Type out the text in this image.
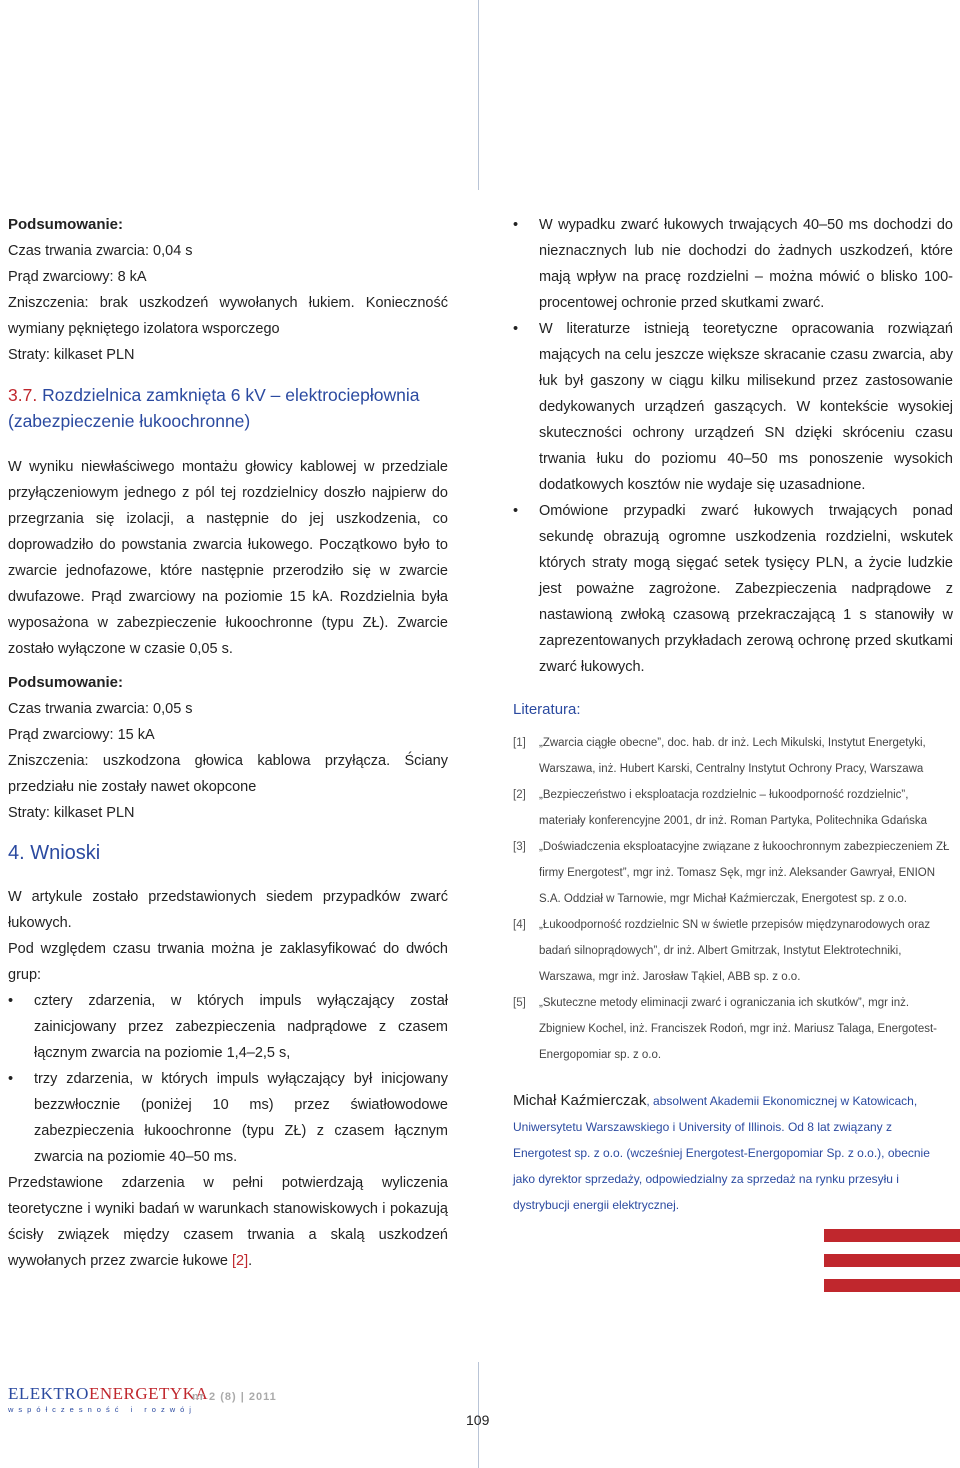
Podsumowanie:

Czas trwania zwarcia: 0,04 s

Prąd zwarciowy: 8 kA

Zniszczenia: brak uszkodzeń wywołanych łukiem. Konieczność wymiany pękniętego izolatora wsporczego

Straty: kilkaset PLN

3.7. Rozdzielnica zamknięta 6 kV – elektrociepłownia (zabezpieczenie łukoochronne)

W wyniku niewłaściwego montażu głowicy kablowej w przedziale przyłączeniowym jednego z pól tej rozdzielnicy doszło najpierw do przegrzania się izolacji, a następnie do jej uszkodzenia, co doprowadziło do powstania zwarcia łukowego. Początkowo było to zwarcie jednofazowe, które następnie przerodziło się w zwarcie dwufazowe. Prąd zwarciowy na poziomie 15 kA. Rozdzielnia była wyposażona w zabezpieczenie łukoochronne (typu ZŁ). Zwarcie zostało wyłączone w czasie 0,05 s.

Podsumowanie:

Czas trwania zwarcia: 0,05 s

Prąd zwarciowy: 15 kA

Zniszczenia: uszkodzona głowica kablowa przyłącza. Ściany przedziału nie zostały nawet okopcone

Straty: kilkaset PLN

4. Wnioski

W artykule zostało przedstawionych siedem przypadków zwarć łukowych.

Pod względem czasu trwania można je zaklasyfikować do dwóch grup:

• cztery zdarzenia, w których impuls wyłączający został zainicjowany przez zabezpieczenia nadprądowe z czasem łącznym zwarcia na poziomie 1,4–2,5 s,
• trzy zdarzenia, w których impuls wyłączający był inicjowany bezzwłocznie (poniżej 10 ms) przez światłowodowe zabezpieczenia łukoochronne (typu ZŁ) z czasem łącznym zwarcia na poziomie 40–50 ms.

Przedstawione zdarzenia w pełni potwierdzają wyliczenia teoretyczne i wyniki badań w warunkach stanowiskowych i pokazują ścisły związek między czasem trwania a skalą uszkodzeń wywołanych przez zwarcie łukowe [2].

• W wypadku zwarć łukowych trwających 40–50 ms dochodzi do nieznacznych lub nie dochodzi do żadnych uszkodzeń, które mają wpływ na pracę rozdzielni – można mówić o blisko 100-procentowej ochronie przed skutkami zwarć.
• W literaturze istnieją teoretyczne opracowania rozwiązań mających na celu jeszcze większe skracanie czasu zwarcia, aby łuk był gaszony w ciągu kilku milisekund przez zastosowanie dedykowanych urządzeń gaszących. W kontekście wysokiej skuteczności ochrony urządzeń SN dzięki skróceniu czasu trwania łuku do poziomu 40–50 ms ponoszenie wysokich dodatkowych kosztów nie wydaje się uzasadnione.
• Omówione przypadki zwarć łukowych trwających ponad sekundę obrazują ogromne uszkodzenia rozdzielni, wskutek których straty mogą sięgać setek tysięcy PLN, a życie ludzkie jest poważne zagrożone. Zabezpieczenia nadprądowe z nastawioną zwłoką czasową przekraczającą 1 s stanowiły w zaprezentowanych przykładach zerową ochronę przed skutkami zwarć łukowych.

Literatura:

[1] „Zwarcia ciągłe obecne”, doc. hab. dr inż. Lech Mikulski, Instytut Energetyki, Warszawa, inż. Hubert Karski, Centralny Instytut Ochrony Pracy, Warszawa

[2] „Bezpieczeństwo i eksploatacja rozdzielnic – łukoodporność rozdzielnic”, materiały konferencyjne 2001, dr inż. Roman Partyka, Politechnika Gdańska

[3] „Doświadczenia eksploatacyjne związane z łukoochronnym zabezpieczeniem ZŁ firmy Energotest”, mgr inż. Tomasz Sęk, mgr inż. Aleksander Gawryał, ENION S.A. Oddział w Tarnowie, mgr Michał Kaźmierczak, Energotest sp. z o.o.

[4] „Łukoodporność rozdzielnic SN w świetle przepisów międzynarodowych oraz badań silnoprądowych”, dr inż. Albert Gmitrzak, Instytut Elektrotechniki, Warszawa, mgr inż. Jarosław Tąkiel, ABB sp. z o.o.

[5] „Skuteczne metody eliminacji zwarć i ograniczania ich skutków”, mgr inż. Zbigniew Kochel, inż. Franciszek Rodoń, mgr inż. Mariusz Talaga, Energotest-Energopomiar sp. z o.o.

Michał Kaźmierczak, absolwent Akademii Ekonomicznej w Katowicach, Uniwersytetu Warszawskiego i University of Illinois. Od 8 lat związany z Energotest sp. z o.o. (wcześniej Energotest-Energopomiar Sp. z o.o.), obecnie jako dyrektor sprzedaży, odpowiedzialny za sprzedaż na rynku przesyłu i dystrybucji energii elektrycznej.

ELEKTROENERGETYKA
współczesność i rozwój
nr 2 (8) | 2011
109
